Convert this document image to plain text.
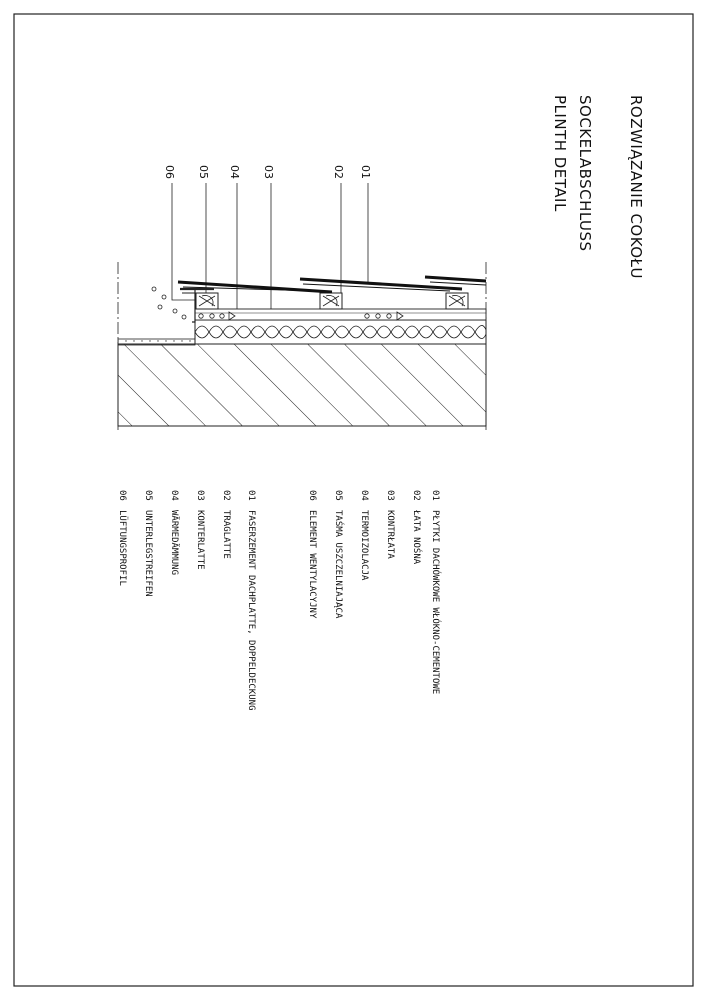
ROZWIĄZANIE COKOŁU
SOCKELABSCHLUSS
PLINTH DETAIL
01
02
03
04
05
06
01
PŁYTKI DACHÓWKOWE WŁÓKNO-CEMENTOWE
02
ŁATA NOŚNA
03
KONTRŁATA
04
TERMOIZOLACJA
05
TAŚMA USZCZELNIAJĄCA
06
ELEMENT WENTYLACYJNY
01
FASERZEMENT DACHPLATTE, DOPPELDECKUNG
02
TRAGLATTE
03
KONTERLATTE
04
WÄRMEDÄMMUNG
05
UNTERLEGSTREIFEN
06
LÜFTUNGSPROFIL
